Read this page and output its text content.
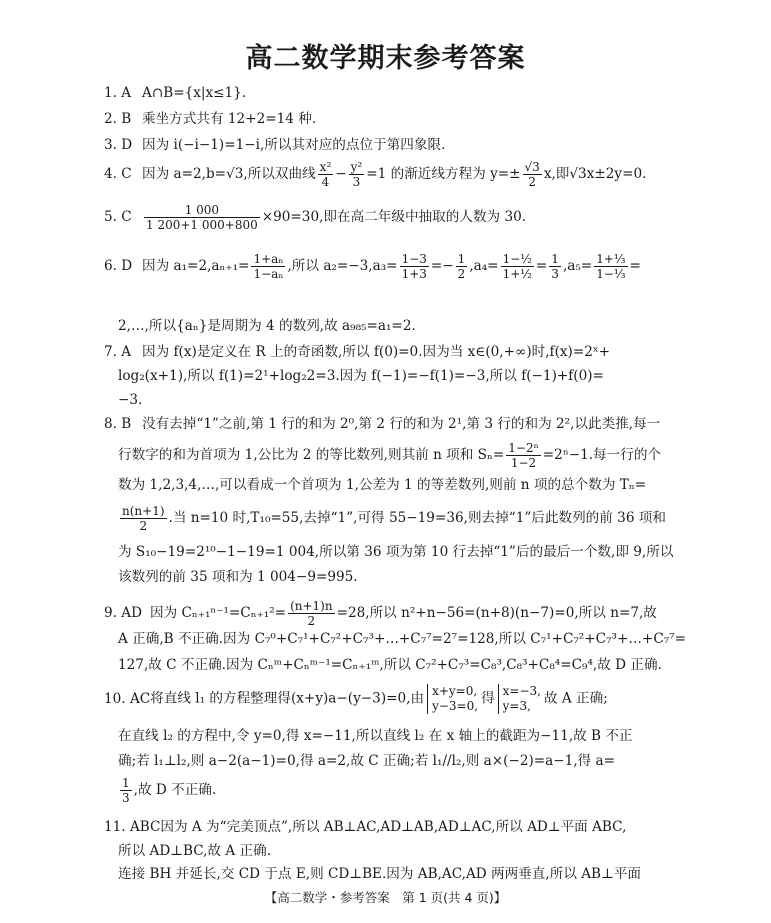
高二数学期末参考答案
1. A A∩B={x|x≤1}.
2. B 乘坐方式共有 12+2=14 种.
3. D 因为 i(−i−1)=1−i,所以其对应的点位于第四象限.
4. C 因为 a=2,b=√3,所以双曲线 $\frac{\text{x²}}{4} - \frac{\text{y²}}{3} =1$ 的渐近线方程为 $y=\pm \frac{√3}{2} x$,即√3x±2y=0.
5. C $\frac{1 000}{1 200+1 000+800} \times 90=30$,即在高二年级中抽取的人数为 30.
6. D 因为 $a_1=2,a_{n+1}= \frac{\text{1+aₙ}}{\text{1−aₙ}}$ ,所以 $a_2=-3,a_3= \frac{1-3}{1+3} =- \frac{1}{2} ,a_4= \frac{\text{1−½}}{\text{1+½}} = \frac{1}{3} ,a_5= \frac{\text{1+⅓}}{\text{1−⅓}}$ =
2,…,所以{aₙ}是周期为 4 的数列,故 a₉₈₅=a₁=2.
7. A 因为 f(x)是定义在 R 上的奇函数,所以 f(0)=0.因为当 x∈(0,+∞)时,f(x)=2ˣ+
log₂(x+1),所以 f(1)=2¹+log₂2=3.因为 f(−1)=−f(1)=−3,所以 f(−1)+f(0)=
−3.
8. B 没有去掉“1”之前,第 1 行的和为 2⁰,第 2 行的和为 2¹,第 3 行的和为 2²,以此类推,每一
行数字的和为首项为 1,公比为 2 的等比数列,则其前 n 项和 $S_n= \frac{\text{1−2ⁿ}}{1-2} =2^n-1$.每一行的个
数为 1,2,3,4,…,可以看成一个首项为 1,公差为 1 的等差数列,则前 n 项的总个数为 Tₙ=
$\frac{n(n+1)}{2}$ .当 n=10 时,T₁₀=55,去掉“1”,可得 55−19=36,则去掉“1”后此数列的前 36 项和
为 S₁₀−19=2¹⁰−1−19=1 004,所以第 36 项为第 10 行去掉“1”后的最后一个数,即 9,所以
该数列的前 35 项和为 1 004−9=995.
9. AD 因为 $C_{n+1}^{n-1}=C_{n+1}^2= \frac{(n+1)n}{2} =28$,所以 n²+n−56=(n+8)(n−7)=0,所以 n=7,故
A 正确,B 不正确.因为 C₇⁰+C₇¹+C₇²+C₇³+…+C₇⁷=2⁷=128,所以 C₇¹+C₇²+C₇³+…+C₇⁷=
127,故 C 不正确.因为 Cₙᵐ+Cₙᵐ⁻¹=Cₙ₊₁ᵐ,所以 C₇²+C₇³=C₈³,C₈³+C₈⁴=C₉⁴,故 D 正确.
10. AC将直线 l₁ 的方程整理得(x+y)a−(y−3)=0,由 x+y=0,
y−3=0, 得 x=−3,
y=3, 故 A 正确;
在直线 l₂ 的方程中,令 y=0,得 x=−11,所以直线 l₂ 在 x 轴上的截距为−11,故 B 不正
确;若 l₁⊥l₂,则 a−2(a−1)=0,得 a=2,故 C 正确;若 l₁//l₂,则 a×(−2)=a−1,得 a=
$\frac{1}{3}$ ,故 D 不正确.
11. ABC因为 A 为“完美顶点”,所以 AB⊥AC,AD⊥AB,AD⊥AC,所以 AD⊥平面 ABC,
所以 AD⊥BC,故 A 正确.
连接 BH 并延长,交 CD 于点 E,则 CD⊥BE.因为 AB,AC,AD 两两垂直,所以 AB⊥平面
【高二数学・参考答案　第 1 页(共 4 页)】
